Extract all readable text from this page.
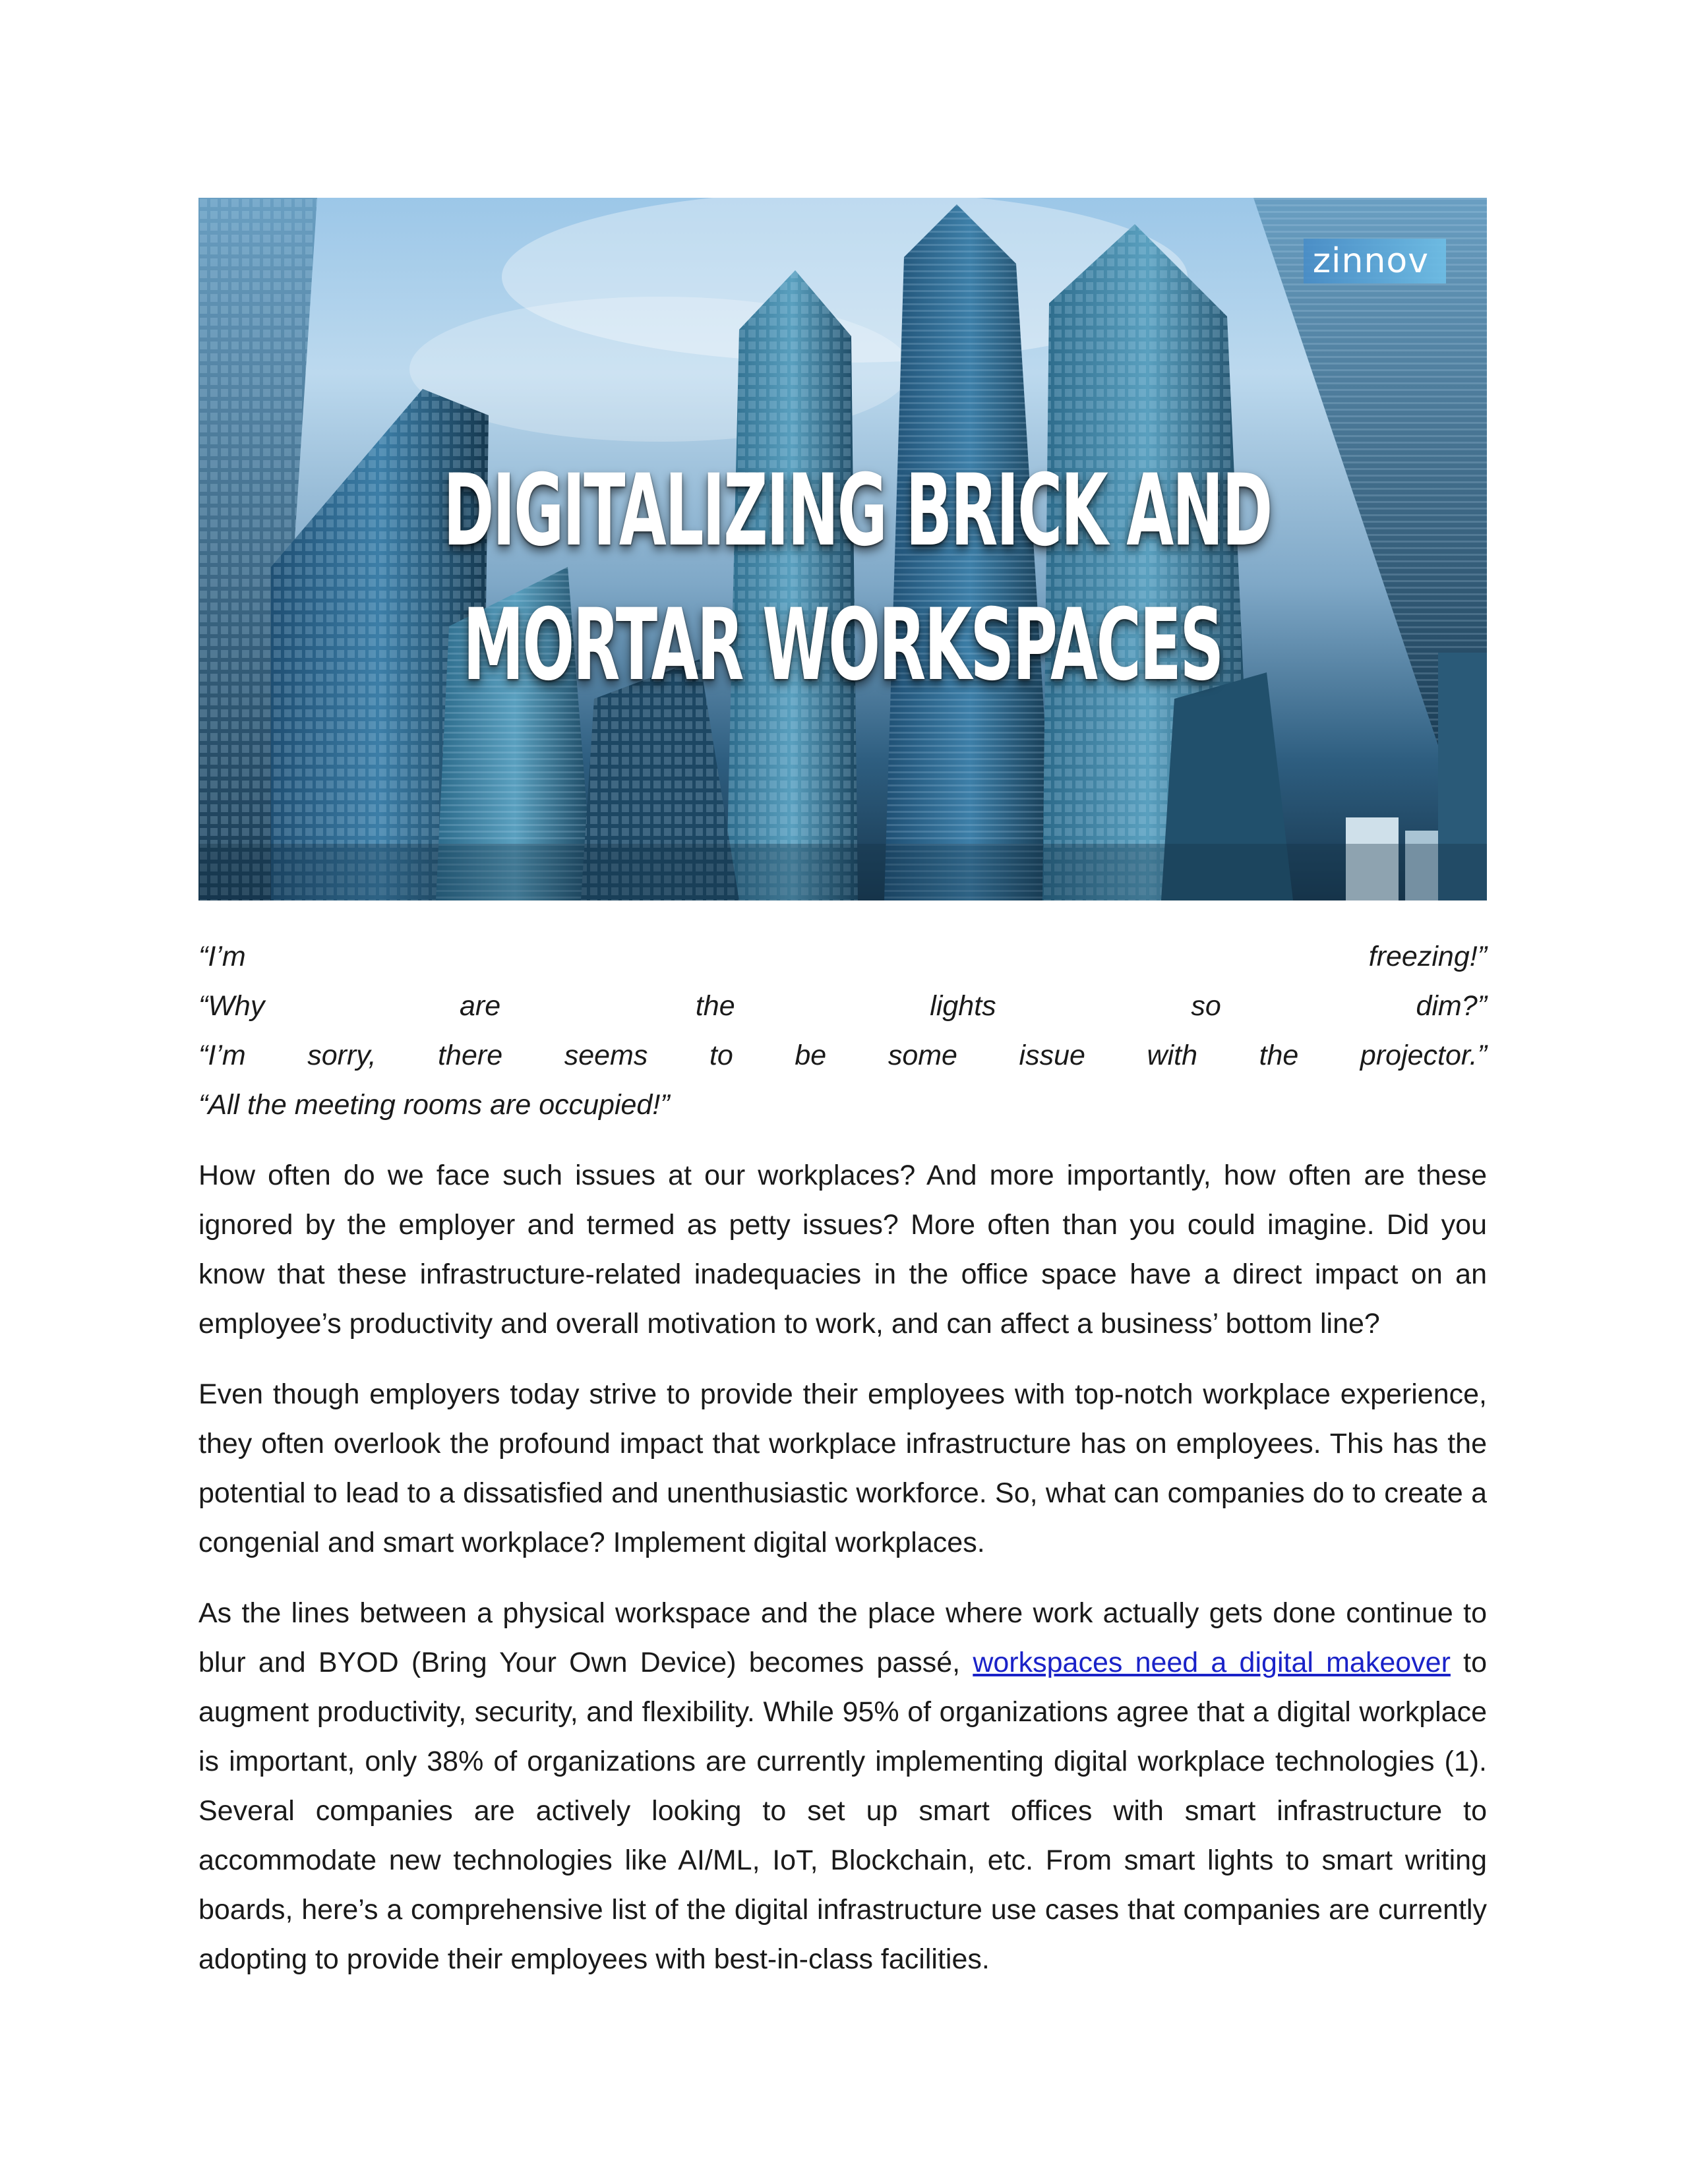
zinnov
DIGITALIZING BRICK AND
MORTAR WORKSPACES
“I’m	freezing!”
“Why	are	the	lights	so	dim?”
“I’m sorry, there seems to be some issue with the projector.”
“All the meeting rooms are occupied!”

How often do we face such issues at our workplaces? And more importantly, how often are these ignored by the employer and termed as petty issues? More often than you could imagine. Did you know that these infrastructure-related inadequacies in the office space have a direct impact on an employee’s productivity and overall motivation to work, and can affect a business’ bottom line?

Even though employers today strive to provide their employees with top-notch workplace experience, they often overlook the profound impact that workplace infrastructure has on employees. This has the potential to lead to a dissatisfied and unenthusiastic workforce. So, what can companies do to create a congenial and smart workplace? Implement digital workplaces.

As the lines between a physical workspace and the place where work actually gets done continue to blur and BYOD (Bring Your Own Device) becomes passé, workspaces need a digital makeover to augment productivity, security, and flexibility. While 95% of organizations agree that a digital workplace is important, only 38% of organizations are currently implementing digital workplace technologies (1). Several companies are actively looking to set up smart offices with smart infrastructure to accommodate new technologies like AI/ML, IoT, Blockchain, etc. From smart lights to smart writing boards, here’s a comprehensive list of the digital infrastructure use cases that companies are currently adopting to provide their employees with best-in-class facilities.
